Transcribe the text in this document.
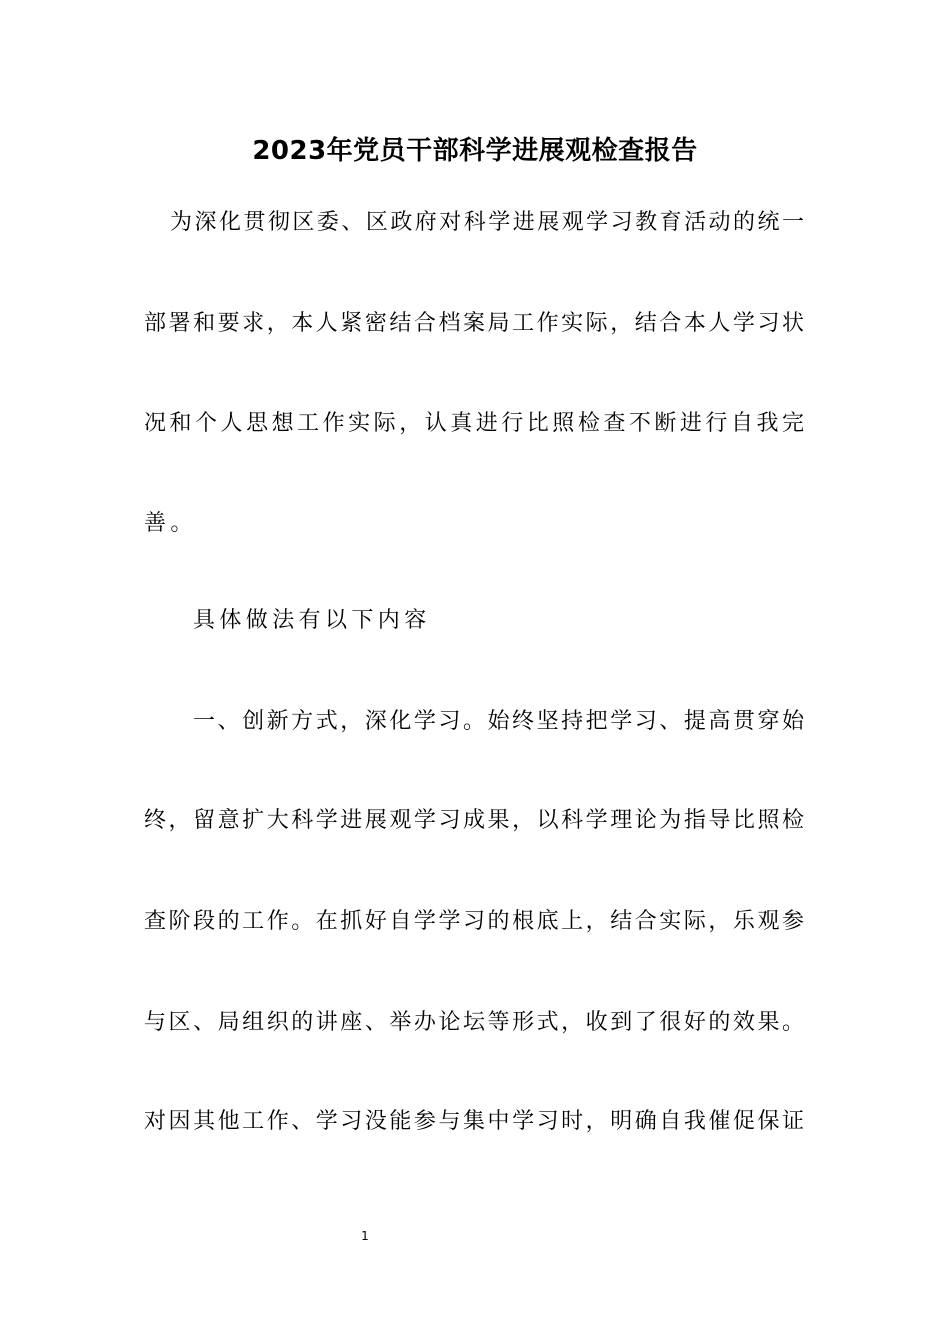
2023年党员干部科学进展观检查报告
为深化贯彻区委、区政府对科学进展观学习教育活动的统一
部署和要求，本人紧密结合档案局工作实际，结合本人学习状
况和个人思想工作实际，认真进行比照检查不断进行自我完
善。
具体做法有以下内容
一、创新方式，深化学习。始终坚持把学习、提高贯穿始
终，留意扩大科学进展观学习成果，以科学理论为指导比照检
查阶段的工作。在抓好自学学习的根底上，结合实际，乐观参
与区、局组织的讲座、举办论坛等形式，收到了很好的效果。
对因其他工作、学习没能参与集中学习时，明确自我催促保证
1
